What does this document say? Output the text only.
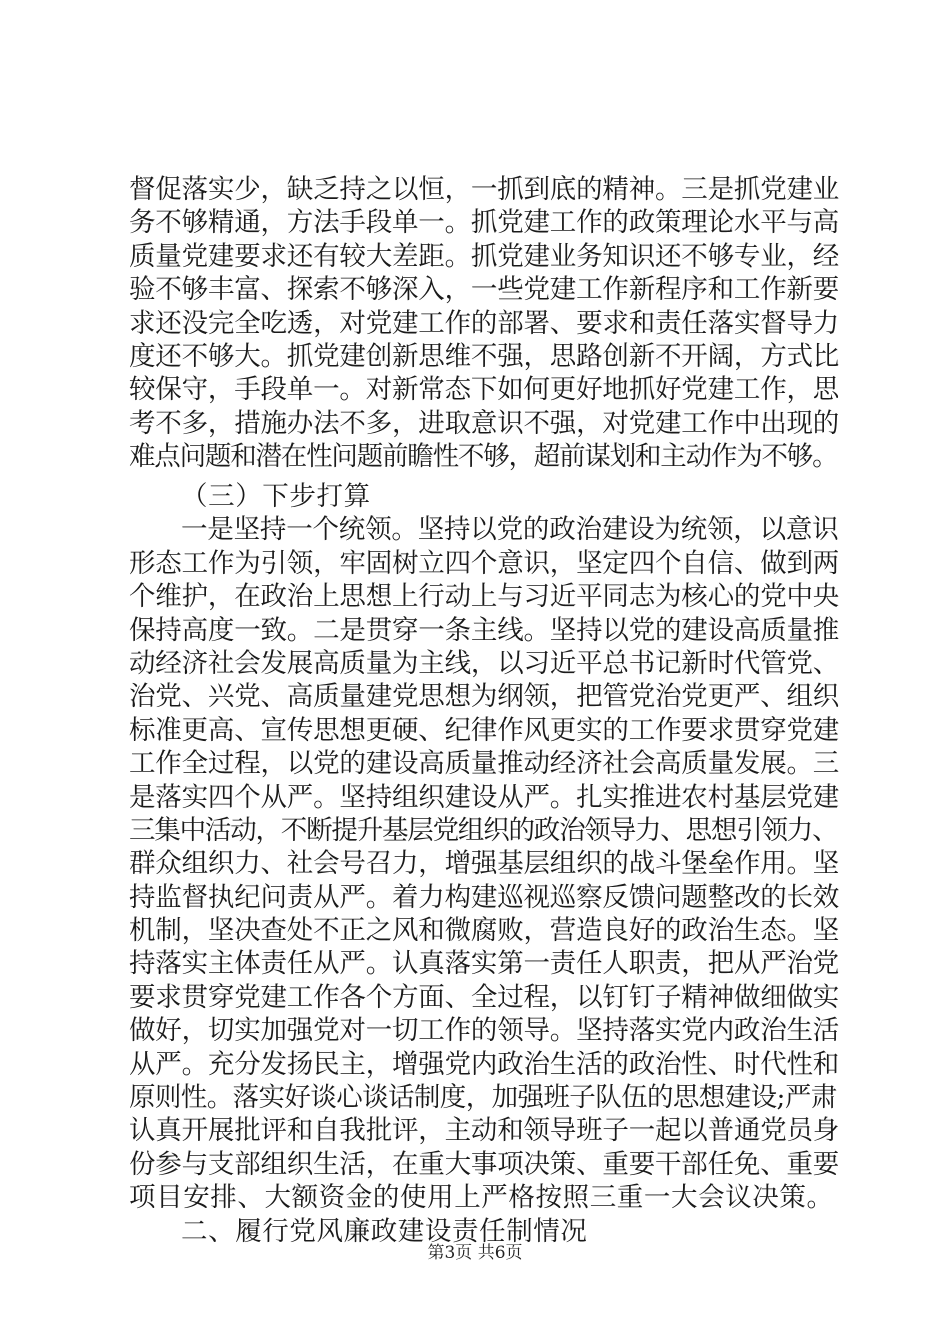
督促落实少，缺乏持之以恒，一抓到底的精神。三是抓党建业
务不够精通，方法手段单一。抓党建工作的政策理论水平与高
质量党建要求还有较大差距。抓党建业务知识还不够专业，经
验不够丰富、探索不够深入，一些党建工作新程序和工作新要
求还没完全吃透，对党建工作的部署、要求和责任落实督导力
度还不够大。抓党建创新思维不强，思路创新不开阔，方式比
较保守，手段单一。对新常态下如何更好地抓好党建工作，思
考不多，措施办法不多，进取意识不强，对党建工作中出现的
难点问题和潜在性问题前瞻性不够，超前谋划和主动作为不够。
（三）下步打算
一是坚持一个统领。坚持以党的政治建设为统领，以意识
形态工作为引领，牢固树立四个意识，坚定四个自信、做到两
个维护，在政治上思想上行动上与习近平同志为核心的党中央
保持高度一致。二是贯穿一条主线。坚持以党的建设高质量推
动经济社会发展高质量为主线，以习近平总书记新时代管党、
治党、兴党、高质量建党思想为纲领，把管党治党更严、组织
标准更高、宣传思想更硬、纪律作风更实的工作要求贯穿党建
工作全过程，以党的建设高质量推动经济社会高质量发展。三
是落实四个从严。坚持组织建设从严。扎实推进农村基层党建
三集中活动，不断提升基层党组织的政治领导力、思想引领力、
群众组织力、社会号召力，增强基层组织的战斗堡垒作用。坚
持监督执纪问责从严。着力构建巡视巡察反馈问题整改的长效
机制，坚决查处不正之风和微腐败，营造良好的政治生态。坚
持落实主体责任从严。认真落实第一责任人职责，把从严治党
要求贯穿党建工作各个方面、全过程，以钉钉子精神做细做实
做好，切实加强党对一切工作的领导。坚持落实党内政治生活
从严。充分发扬民主，增强党内政治生活的政治性、时代性和
原则性。落实好谈心谈话制度，加强班子队伍的思想建设;严肃
认真开展批评和自我批评，主动和领导班子一起以普通党员身
份参与支部组织生活，在重大事项决策、重要干部任免、重要
项目安排、大额资金的使用上严格按照三重一大会议决策。
二、履行党风廉政建设责任制情况
第3页 共6页
